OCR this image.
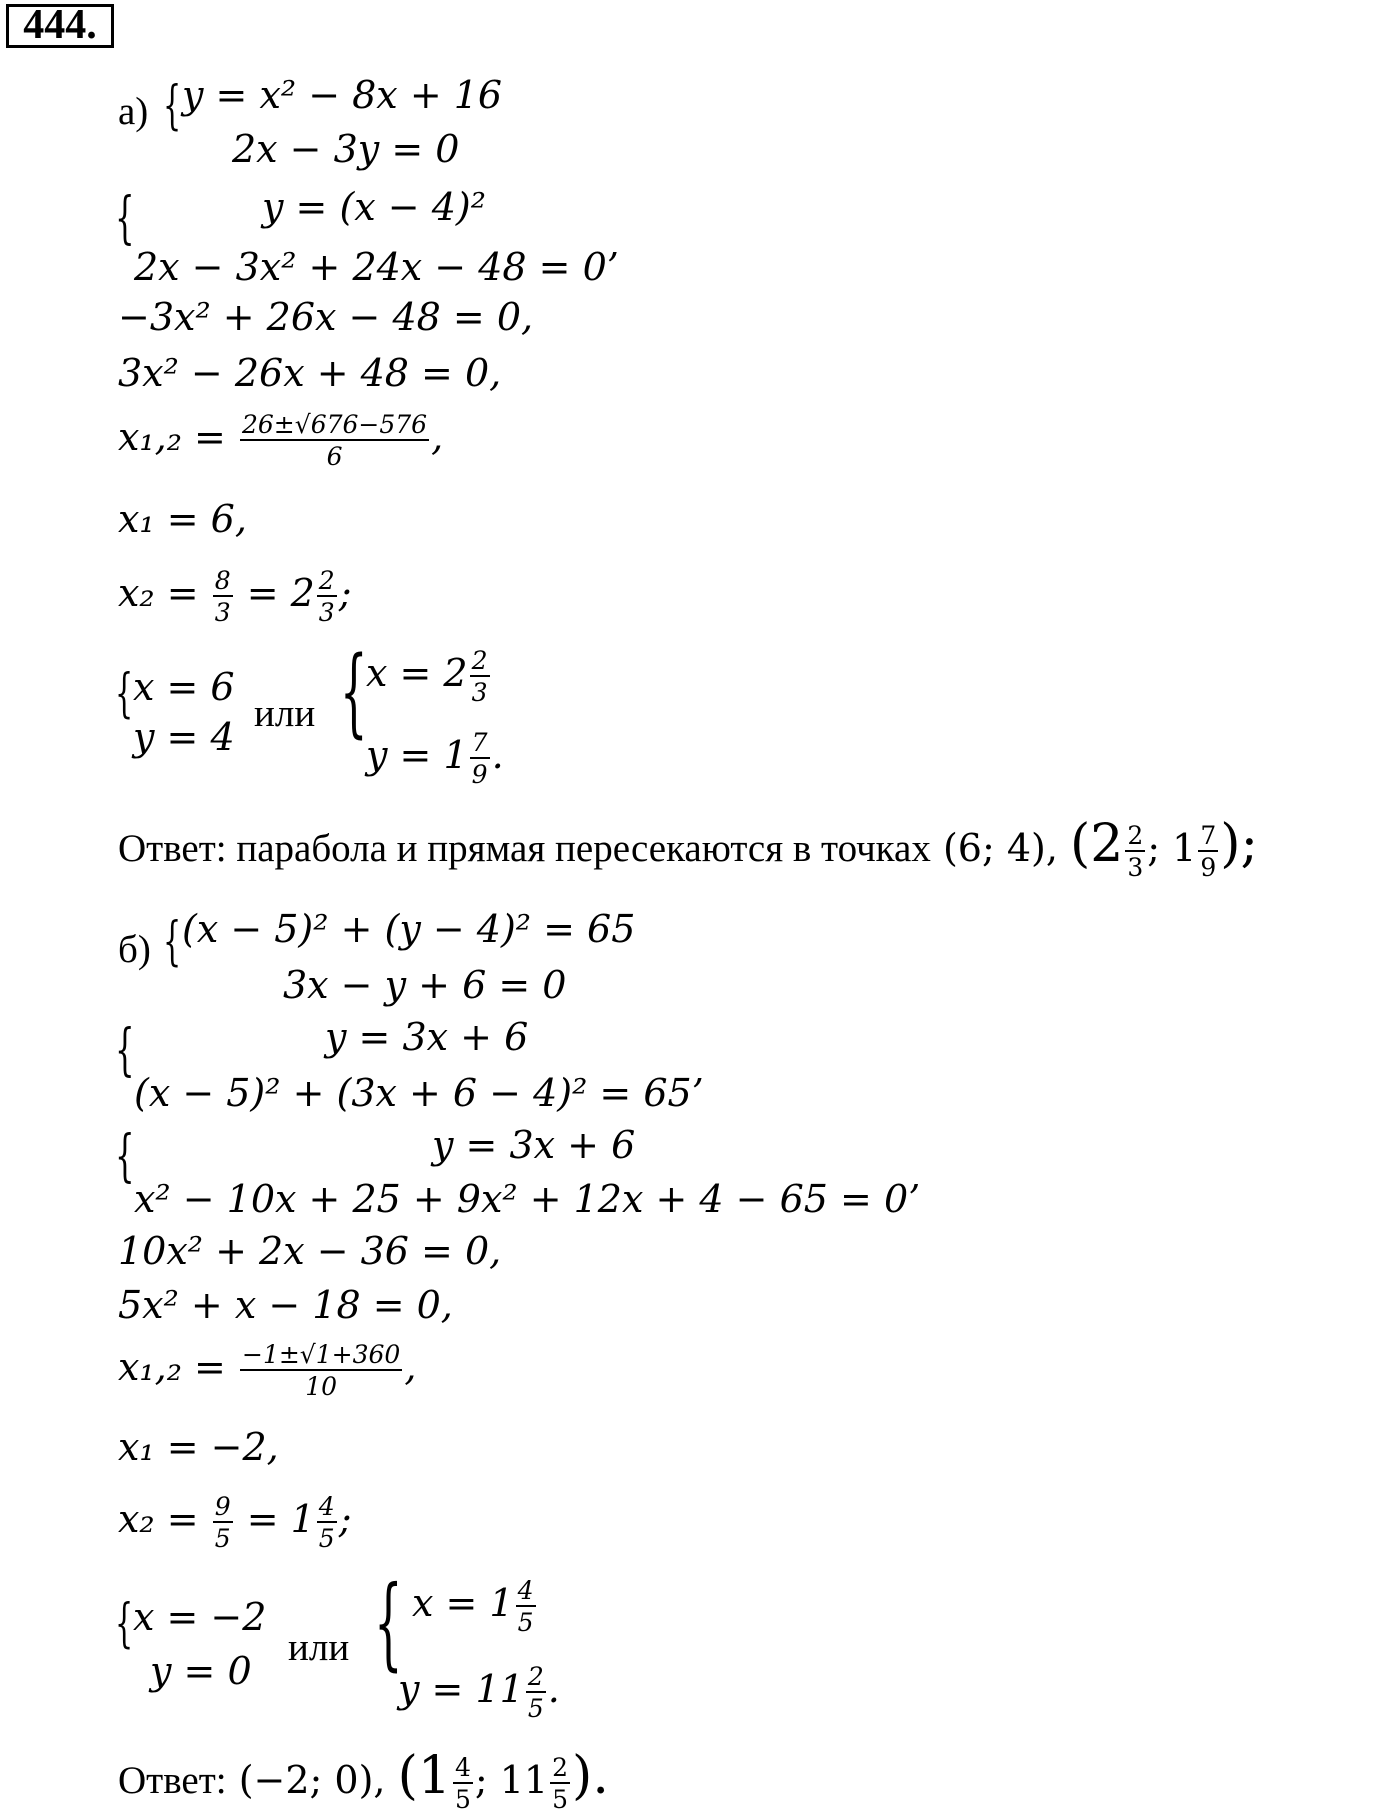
444.
а) { y = x² − 8x + 16
2x − 3y = 0
{	y = (x − 4)²
2x − 3x² + 24x − 48 = 0’
−3x² + 26x − 48 = 0,
3x² − 26x + 48 = 0,
$x_1,_2 = \frac{26\pm√676-576}{6}$ ,
x₁ = 6,
$x_2 = \frac{8}{3} = 2 \frac{2}{3}$ ;
{ x = 6
y = 4
или {
$x = 2 \frac{2}{3}$
$y = 1 \frac{7}{9}$ .
Ответ: парабола и прямая пересекаются в точках (6; 4), ($2 \frac{2}{3}$ ; $1 \frac{7}{9}$ );
б) { (x − 5)² + (y − 4)² = 65
3x − y + 6 = 0
{	y = 3x + 6
(x − 5)² + (3x + 6 − 4)² = 65’
{	y = 3x + 6
x² − 10x + 25 + 9x² + 12x + 4 − 65 = 0’
10x² + 2x − 36 = 0,
5x² + x − 18 = 0,
$x_1,_2 = \frac{-1\pm√1+360}{10}$ ,
x₁ = −2,
$x_2 = \frac{9}{5} = 1 \frac{4}{5}$ ;
{ x = −2
y = 0
или { $x = 1 \frac{4}{5}$
$y = 11 \frac{2}{5}$ .
Ответ: (−2; 0), ($1 \frac{4}{5}$ ; $11 \frac{2}{5}$ ).
